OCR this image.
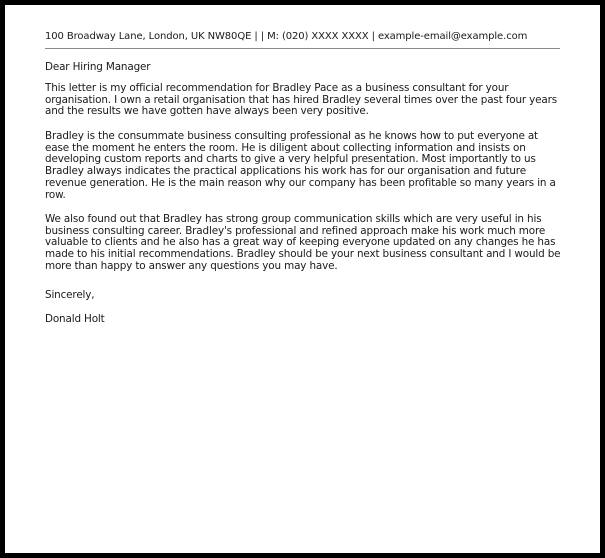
100 Broadway Lane, London, UK NW80QE | | M: (020) XXXX XXXX | example-email@example.com
Dear Hiring Manager

This letter is my official recommendation for Bradley Pace as a business consultant for your organisation. I own a retail organisation that has hired Bradley several times over the past four years and the results we have gotten have always been very positive.

Bradley is the consummate business consulting professional as he knows how to put everyone at ease the moment he enters the room. He is diligent about collecting information and insists on developing custom reports and charts to give a very helpful presentation. Most importantly to us Bradley always indicates the practical applications his work has for our organisation and future revenue generation. He is the main reason why our company has been profitable so many years in a row.

We also found out that Bradley has strong group communication skills which are very useful in his business consulting career. Bradley's professional and refined approach make his work much more valuable to clients and he also has a great way of keeping everyone updated on any changes he has made to his initial recommendations. Bradley should be your next business consultant and I would be more than happy to answer any questions you may have.

Sincerely,
Donald Holt
